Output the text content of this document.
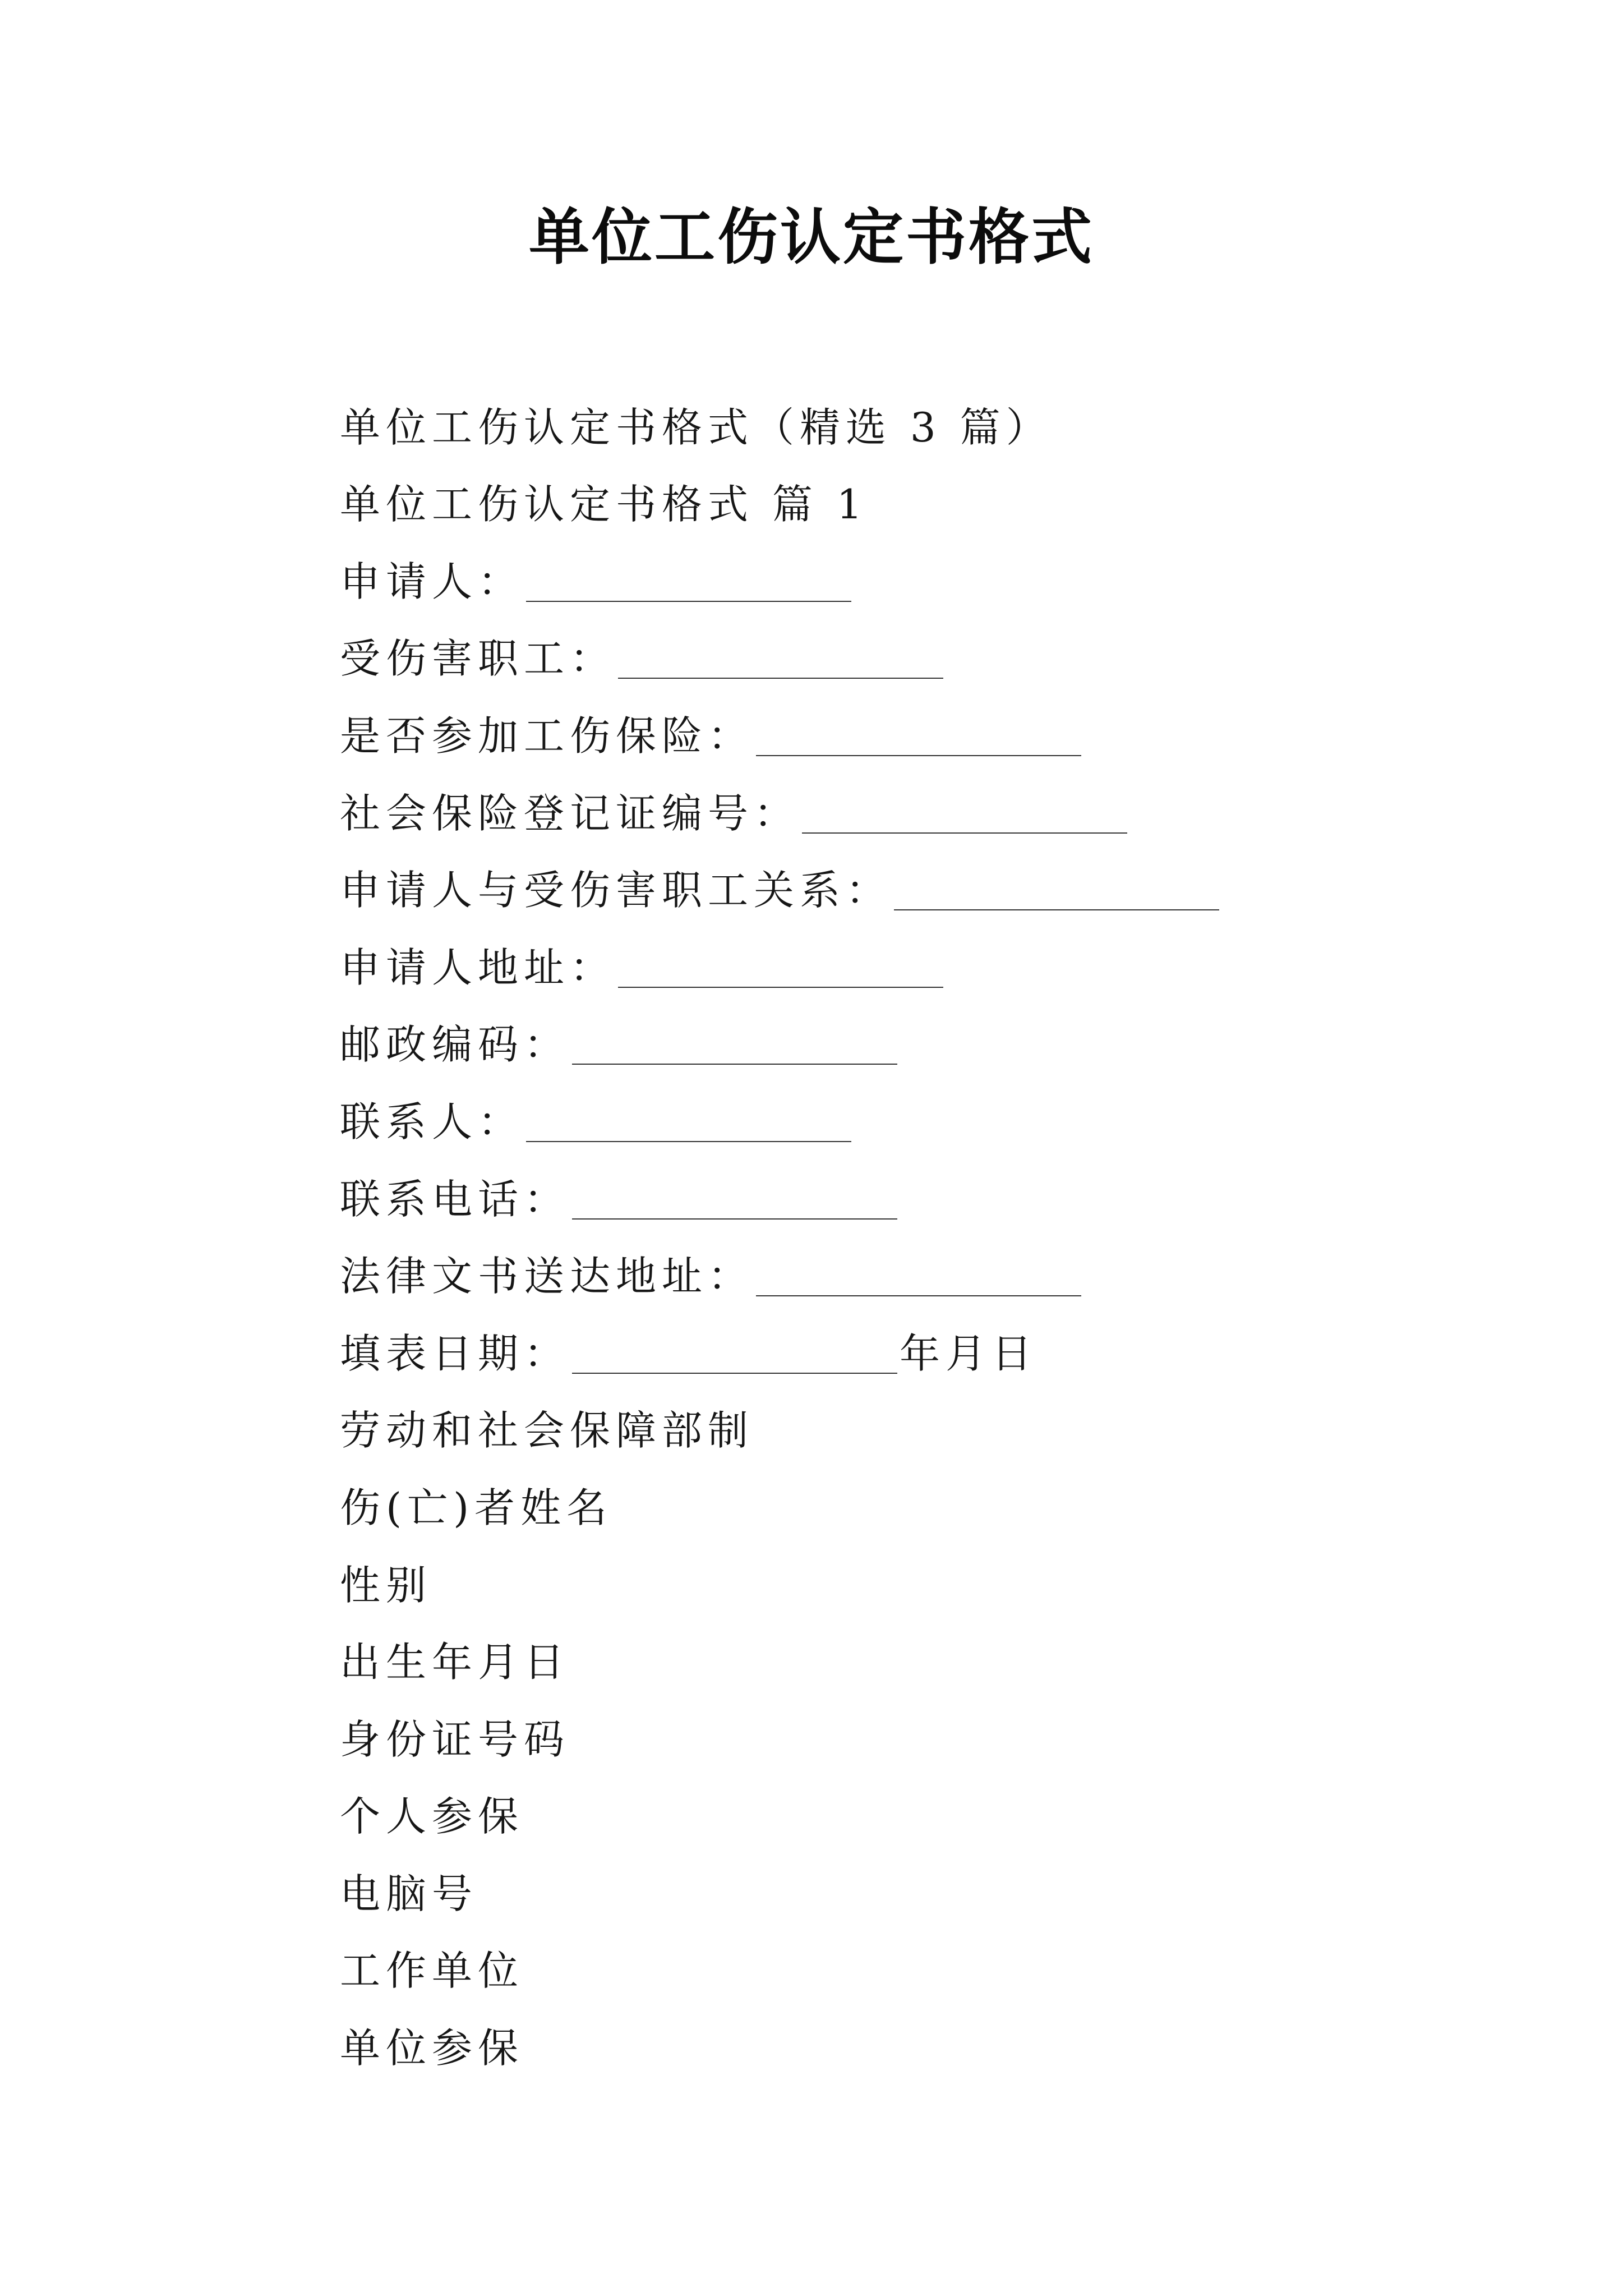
单位工伤认定书格式
单位工伤认定书格式（精选 3 篇）
单位工伤认定书格式 篇 1
申请人：
受伤害职工：
是否参加工伤保险：
社会保险登记证编号：
申请人与受伤害职工关系：
申请人地址：
邮政编码：
联系人：
联系电话：
法律文书送达地址：
填表日期：	年月日
劳动和社会保障部制
伤(亡)者姓名
性别
出生年月日
身份证号码
个人参保
电脑号
工作单位
单位参保
